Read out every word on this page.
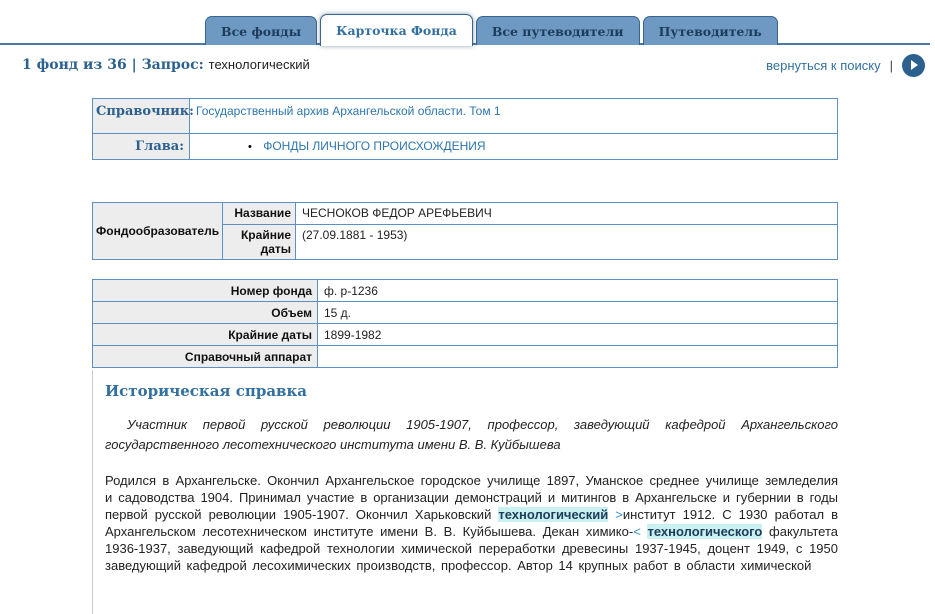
Все фонды	Карточка Фонда	Все путеводители	Путеводитель
1 фонд из 36 | Запрос: технологический	вернуться к поиску |
Справочник:	Государственный архив Архангельской области. Том 1
Глава:	• ФОНДЫ ЛИЧНОГО ПРОИСХОЖДЕНИЯ
Фондообразователь	Название	ЧЕСНОКОВ ФЕДОР АРЕФЬЕВИЧ
	Крайние даты	(27.09.1881 - 1953)
Номер фонда	ф. р-1236
Объем	15 д.
Крайние даты	1899-1982
Справочный аппарат	
Историческая справка

Участник первой русской революции 1905-1907, профессор, заведующий кафедрой Архангельского государственного лесотехнического института имени В. В. Куйбышева

Родился в Архангельске. Окончил Архангельское городское училище 1897, Уманское среднее училище земледелия и садоводства 1904. Принимал участие в организации демонстраций и митингов в Архангельске и губернии в годы первой русской революции 1905-1907. Окончил Харьковский технологический >институт 1912. С 1930 работал в Архангельском лесотехническом институте имени В. В. Куйбышева. Декан химико-< технологического факультета 1936-1937, заведующий кафедрой технологии химической переработки древесины 1937-1945, доцент 1949, с 1950 заведующий кафедрой лесохимических производств, профессор. Автор 14 крупных работ в области химической
